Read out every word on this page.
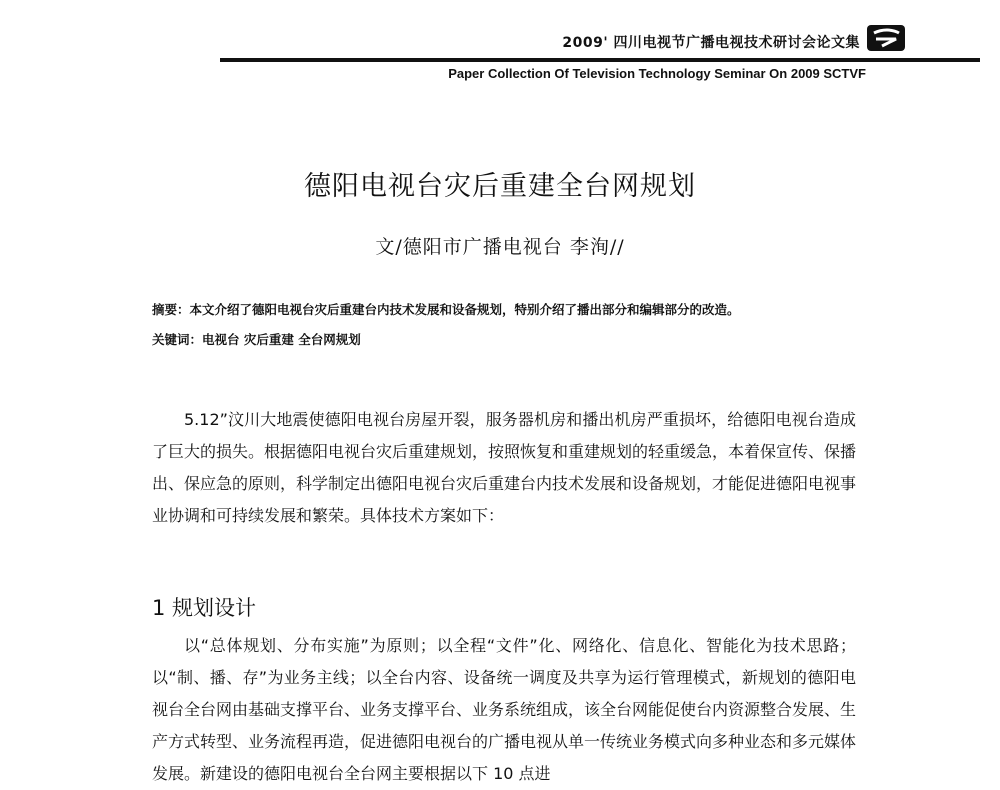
2009' 四川电视节广播电视技术研讨会论文集
Paper Collection Of Television Technology Seminar On 2009 SCTVF
德阳电视台灾后重建全台网规划
文/德阳市广播电视台 李洵//
摘要：本文介绍了德阳电视台灾后重建台内技术发展和设备规划，特别介绍了播出部分和编辑部分的改造。
关键词：电视台 灾后重建 全台网规划

5.12”汶川大地震使德阳电视台房屋开裂，服务器机房和播出机房严重损坏，给德阳电视台造成了巨大的损失。根据德阳电视台灾后重建规划，按照恢复和重建规划的轻重缓急，本着保宣传、保播出、保应急的原则，科学制定出德阳电视台灾后重建台内技术发展和设备规划，才能促进德阳电视事业协调和可持续发展和繁荣。具体技术方案如下：

1 规划设计

以“总体规划、分布实施”为原则；以全程“文件”化、网络化、信息化、智能化为技术思路；以“制、播、存”为业务主线；以全台内容、设备统一调度及共享为运行管理模式，新规划的德阳电视台全台网由基础支撑平台、业务支撑平台、业务系统组成，该全台网能促使台内资源整合发展、生产方式转型、业务流程再造，促进德阳电视台的广播电视从单一传统业务模式向多种业态和多元媒体发展。新建设的德阳电视台全台网主要根据以下 10 点进
